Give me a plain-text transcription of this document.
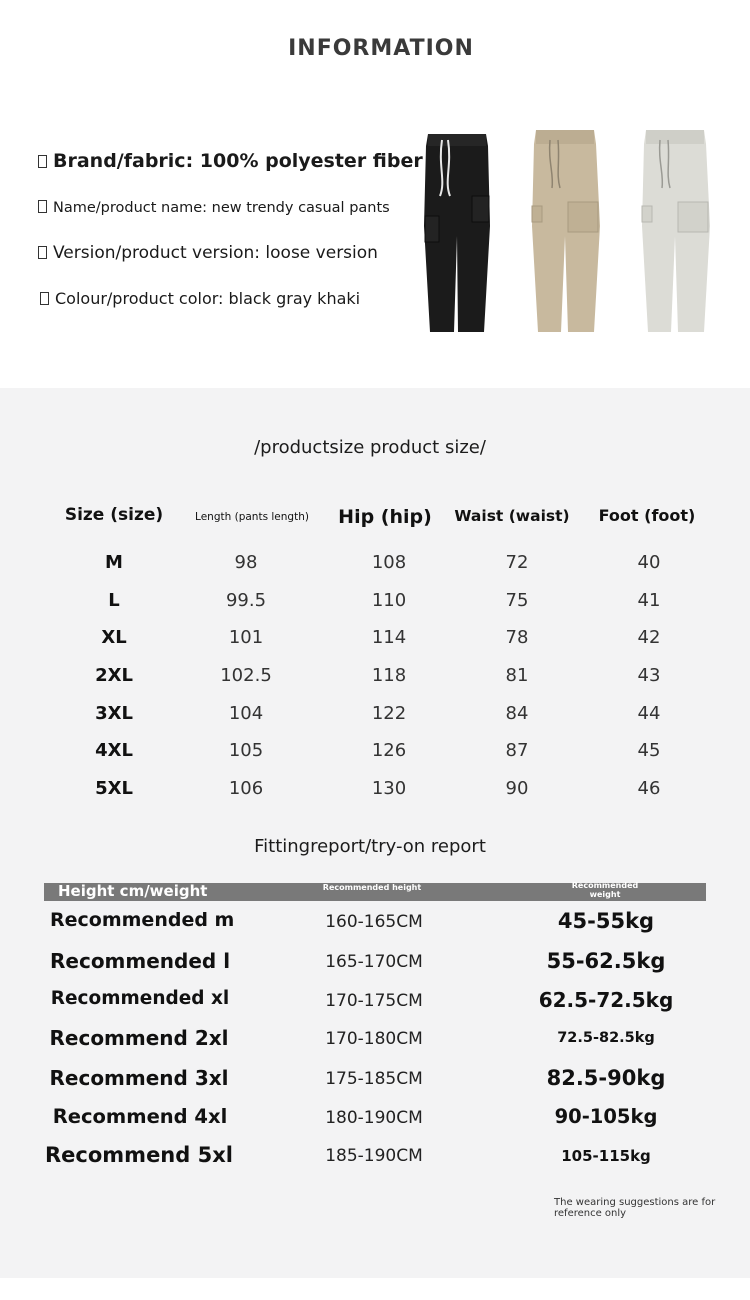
INFORMATION
Brand/fabric: 100% polyester fiber
Name/product name: new trendy casual pants
Version/product version: loose version
Colour/product color: black gray khaki
/productsize product size/
Fittingreport/try-on report
Size (size)	Length (pants length)	Hip (hip)	Waist (waist)	Foot (foot)
M	98	108	72	40
L	99.5	110	75	41
XL	101	114	78	42
2XL	102.5	118	81	43
3XL	104	122	84	44
4XL	105	126	87	45
5XL	106	130	90	46
Height cm/weight	Recommended height	Recommended weight
Recommended m	160-165CM	45-55kg
Recommended l	165-170CM	55-62.5kg
Recommended xl	170-175CM	62.5-72.5kg
Recommend 2xl	170-180CM	72.5-82.5kg
Recommend 3xl	175-185CM	82.5-90kg
Recommend 4xl	180-190CM	90-105kg
Recommend 5xl	185-190CM	105-115kg
The wearing suggestions are for reference only
